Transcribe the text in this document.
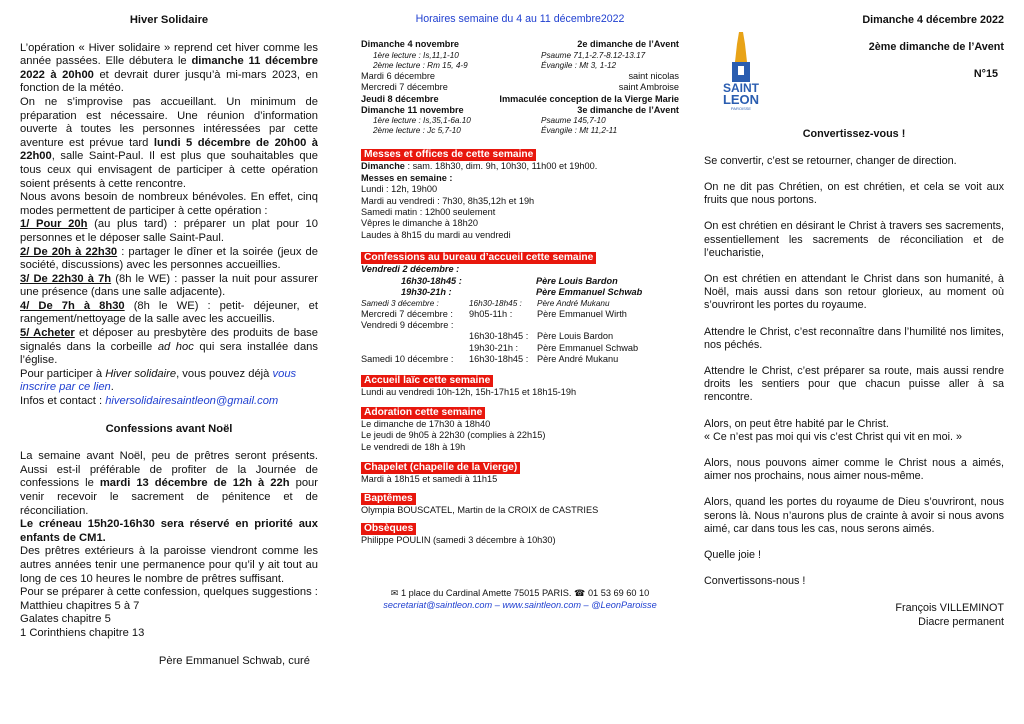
Hiver Solidaire

L’opération « Hiver solidaire » reprend cet hiver comme les année passées. Elle débutera le dimanche 11 décembre 2022 à 20h00 et devrait durer jusqu’à mi-mars 2023, en fonction de la météo.

On ne s’improvise pas accueillant. Un minimum de préparation est nécessaire. Une réunion d’information ouverte à toutes les personnes intéressées par cette aventure est prévue tard lundi 5 décembre de 20h00 à 22h00, salle Saint-Paul. Il est plus que souhaitables que tous ceux qui envisagent de participer à cette opération soient présents à cette rencontre.

Nous avons besoin de nombreux bénévoles. En effet, cinq modes permettent de participer à cette opération :

1/ Pour 20h (au plus tard) : préparer un plat pour 10 personnes et le déposer salle Saint-Paul.

2/ De 20h à 22h30 : partager le dîner et la soirée (jeux de société, discussions) avec les personnes accueillies.

3/ De 22h30 à 7h (8h le WE) : passer la nuit pour assurer une présence (dans une salle adjacente).

4/ De 7h à 8h30 (8h le WE) : petit- déjeuner, et rangement/nettoyage de la salle avec les accueillis.

5/ Acheter et déposer au presbytère des produits de base signalés dans la corbeille ad hoc qui sera installée dans l’église.

Pour participer à Hiver solidaire, vous pouvez déjà vous inscrire par ce lien.

Infos et contact : hiversolidairesaintleon@gmail.com

Confessions avant Noël

La semaine avant Noël, peu de prêtres seront présents. Aussi est-il préférable de profiter de la Journée de confessions le mardi 13 décembre de 12h à 22h pour venir recevoir le sacrement de pénitence et de réconciliation.

Le créneau 15h20-16h30 sera réservé en priorité aux enfants de CM1.

Des prêtres extérieurs à la paroisse viendront comme les autres années tenir une permanence pour qu’il y ait tout au long de ces 10 heures le nombre de prêtres suffisant.

Pour se préparer à cette confession, quelques suggestions :

Matthieu chapitres 5 à 7

Galates chapitre 5

1 Corinthiens chapitre 13

Père Emmanuel Schwab, curé

Horaires semaine du 4 au 11 décembre2022

Dimanche 4 novembre	2e dimanche de l’Avent
1ère lecture : Is,11,1-10	Psaume 71,1-2.7-8.12-13.17
2ème lecture : Rm 15, 4-9	Évangile : Mt 3, 1-12
Mardi 6 décembre	saint nicolas
Mercredi 7 décembre	saint Ambroise
Jeudi 8 décembre	Immaculée conception de la Vierge Marie
Dimanche 11 novembre	3e dimanche de l’Avent
1ère lecture : Is,35,1-6a.10	Psaume 145,7-10
2ème lecture : Jc 5,7-10	Évangile : Mt 11,2-11
Messes et offices de cette semaine

Dimanche : sam. 18h30, dim. 9h, 10h30, 11h00 et 19h00.

Messes en semaine :

Lundi : 12h, 19h00

Mardi au vendredi : 7h30, 8h35,12h et 19h

Samedi matin : 12h00 seulement

Vêpres le dimanche à 18h20

Laudes à 8h15 du mardi au vendredi

Confessions au bureau d’accueil cette semaine

Vendredi 2 décembre :

16h30-18h45 :	Père Louis Bardon
19h30-21h :	Père Emmanuel Schwab
Samedi 3 décembre :	16h30-18h45 :	Père André Mukanu
Mercredi 7 décembre :	9h05-11h :	Père Emmanuel Wirth

Vendredi 9 décembre :

16h30-18h45 : Père Louis Bardon
19h30-21h :	Père Emmanuel Schwab
Samedi 10 décembre :	16h30-18h45 : Père André Mukanu
Accueil laïc cette semaine

Lundi au vendredi 10h-12h, 15h-17h15 et 18h15-19h

Adoration cette semaine

Le dimanche de 17h30 à 18h40

Le jeudi de 9h05 à 22h30 (complies à 22h15)

Le vendredi de 18h à 19h

Chapelet (chapelle de la Vierge)

Mardi à 18h15 et samedi à 11h15

Baptêmes

Olympia BOUSCATEL, Martin de la CROIX de CASTRIES

Obsèques

Philippe POULIN (samedi 3 décembre à 10h30)

✉ 1 place du Cardinal Amette 75015 PARIS. ☎ 01 53 69 60 10

secretariat@saintleon.com – www.saintleon.com – @LeonParoisse

SAINT
LEON
PAROISSE

Dimanche 4 décembre 2022

2ème dimanche de l’Avent

N°15

Convertissez-vous !

Se convertir, c’est se retourner, changer de direction.

On ne dit pas Chrétien, on est chrétien, et cela se voit aux fruits que nous portons.

On est chrétien en désirant le Christ à travers ses sacrements, essentiellement les sacrements de réconciliation et de l’eucharistie,

On est chrétien en attendant le Christ dans son humanité, à Noël, mais aussi dans son retour glorieux, au moment où s’ouvriront les portes du royaume.

Attendre le Christ, c’est reconnaître dans l’humilité nos limites, nos péchés.

Attendre le Christ, c’est préparer sa route, mais aussi rendre droits les sentiers pour que chacun puisse aller à sa rencontre.

Alors, on peut être habité par le Christ.

« Ce n’est pas moi qui vis c’est Christ qui vit en moi. »

Alors, nous pouvons aimer comme le Christ nous a aimés, aimer nos prochains, nous aimer nous-même.

Alors, quand les portes du royaume de Dieu s’ouvriront, nous serons là. Nous n’aurons plus de crainte à avoir si nous avons aimé, car dans tous les cas, nous serons aimés.

Quelle joie !

Convertissons-nous !

François VILLEMINOT

Diacre permanent
